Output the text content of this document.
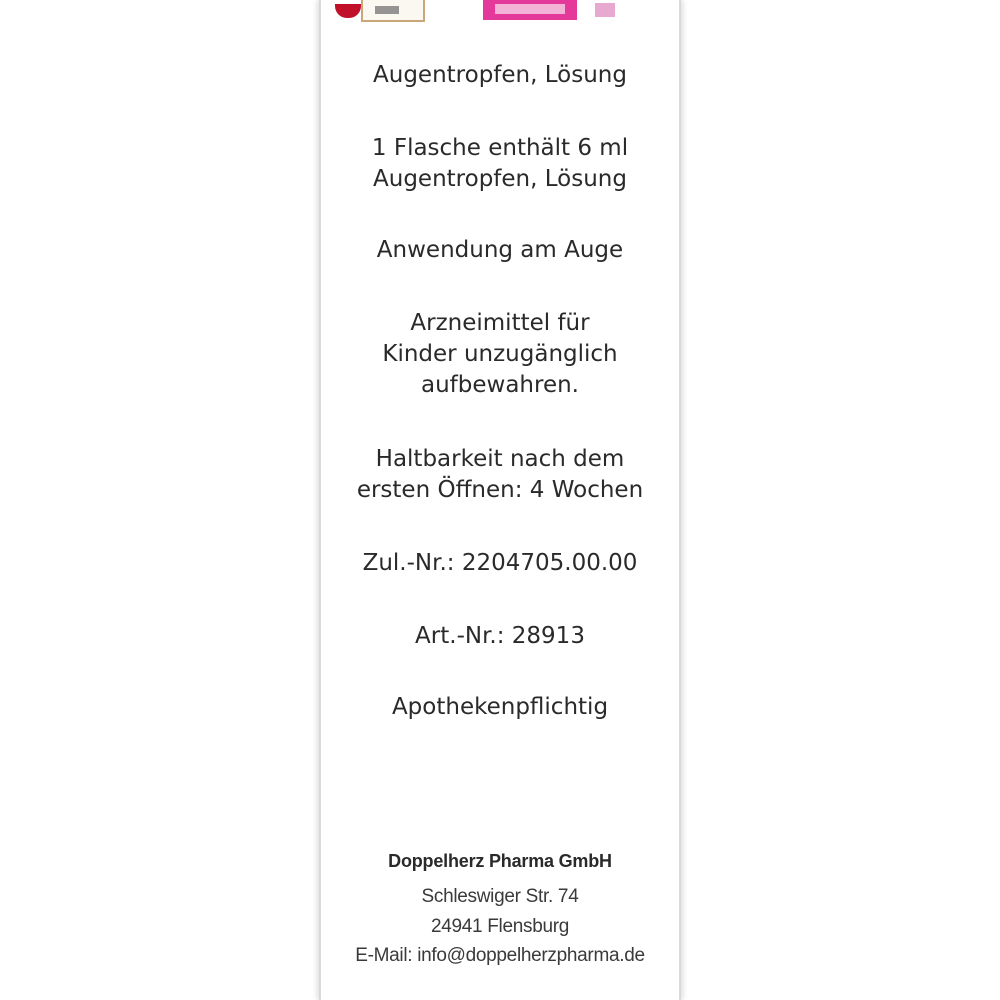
Augentropfen, Lösung
1 Flasche enthält 6 ml
Augentropfen, Lösung
Anwendung am Auge
Arzneimittel für
Kinder unzugänglich
aufbewahren.
Haltbarkeit nach dem
ersten Öffnen: 4 Wochen
Zul.-Nr.: 2204705.00.00
Art.-Nr.: 28913
Apothekenpflichtig
Doppelherz Pharma GmbH
Schleswiger Str. 74
24941 Flensburg
E-Mail: info@doppelherzpharma.de
